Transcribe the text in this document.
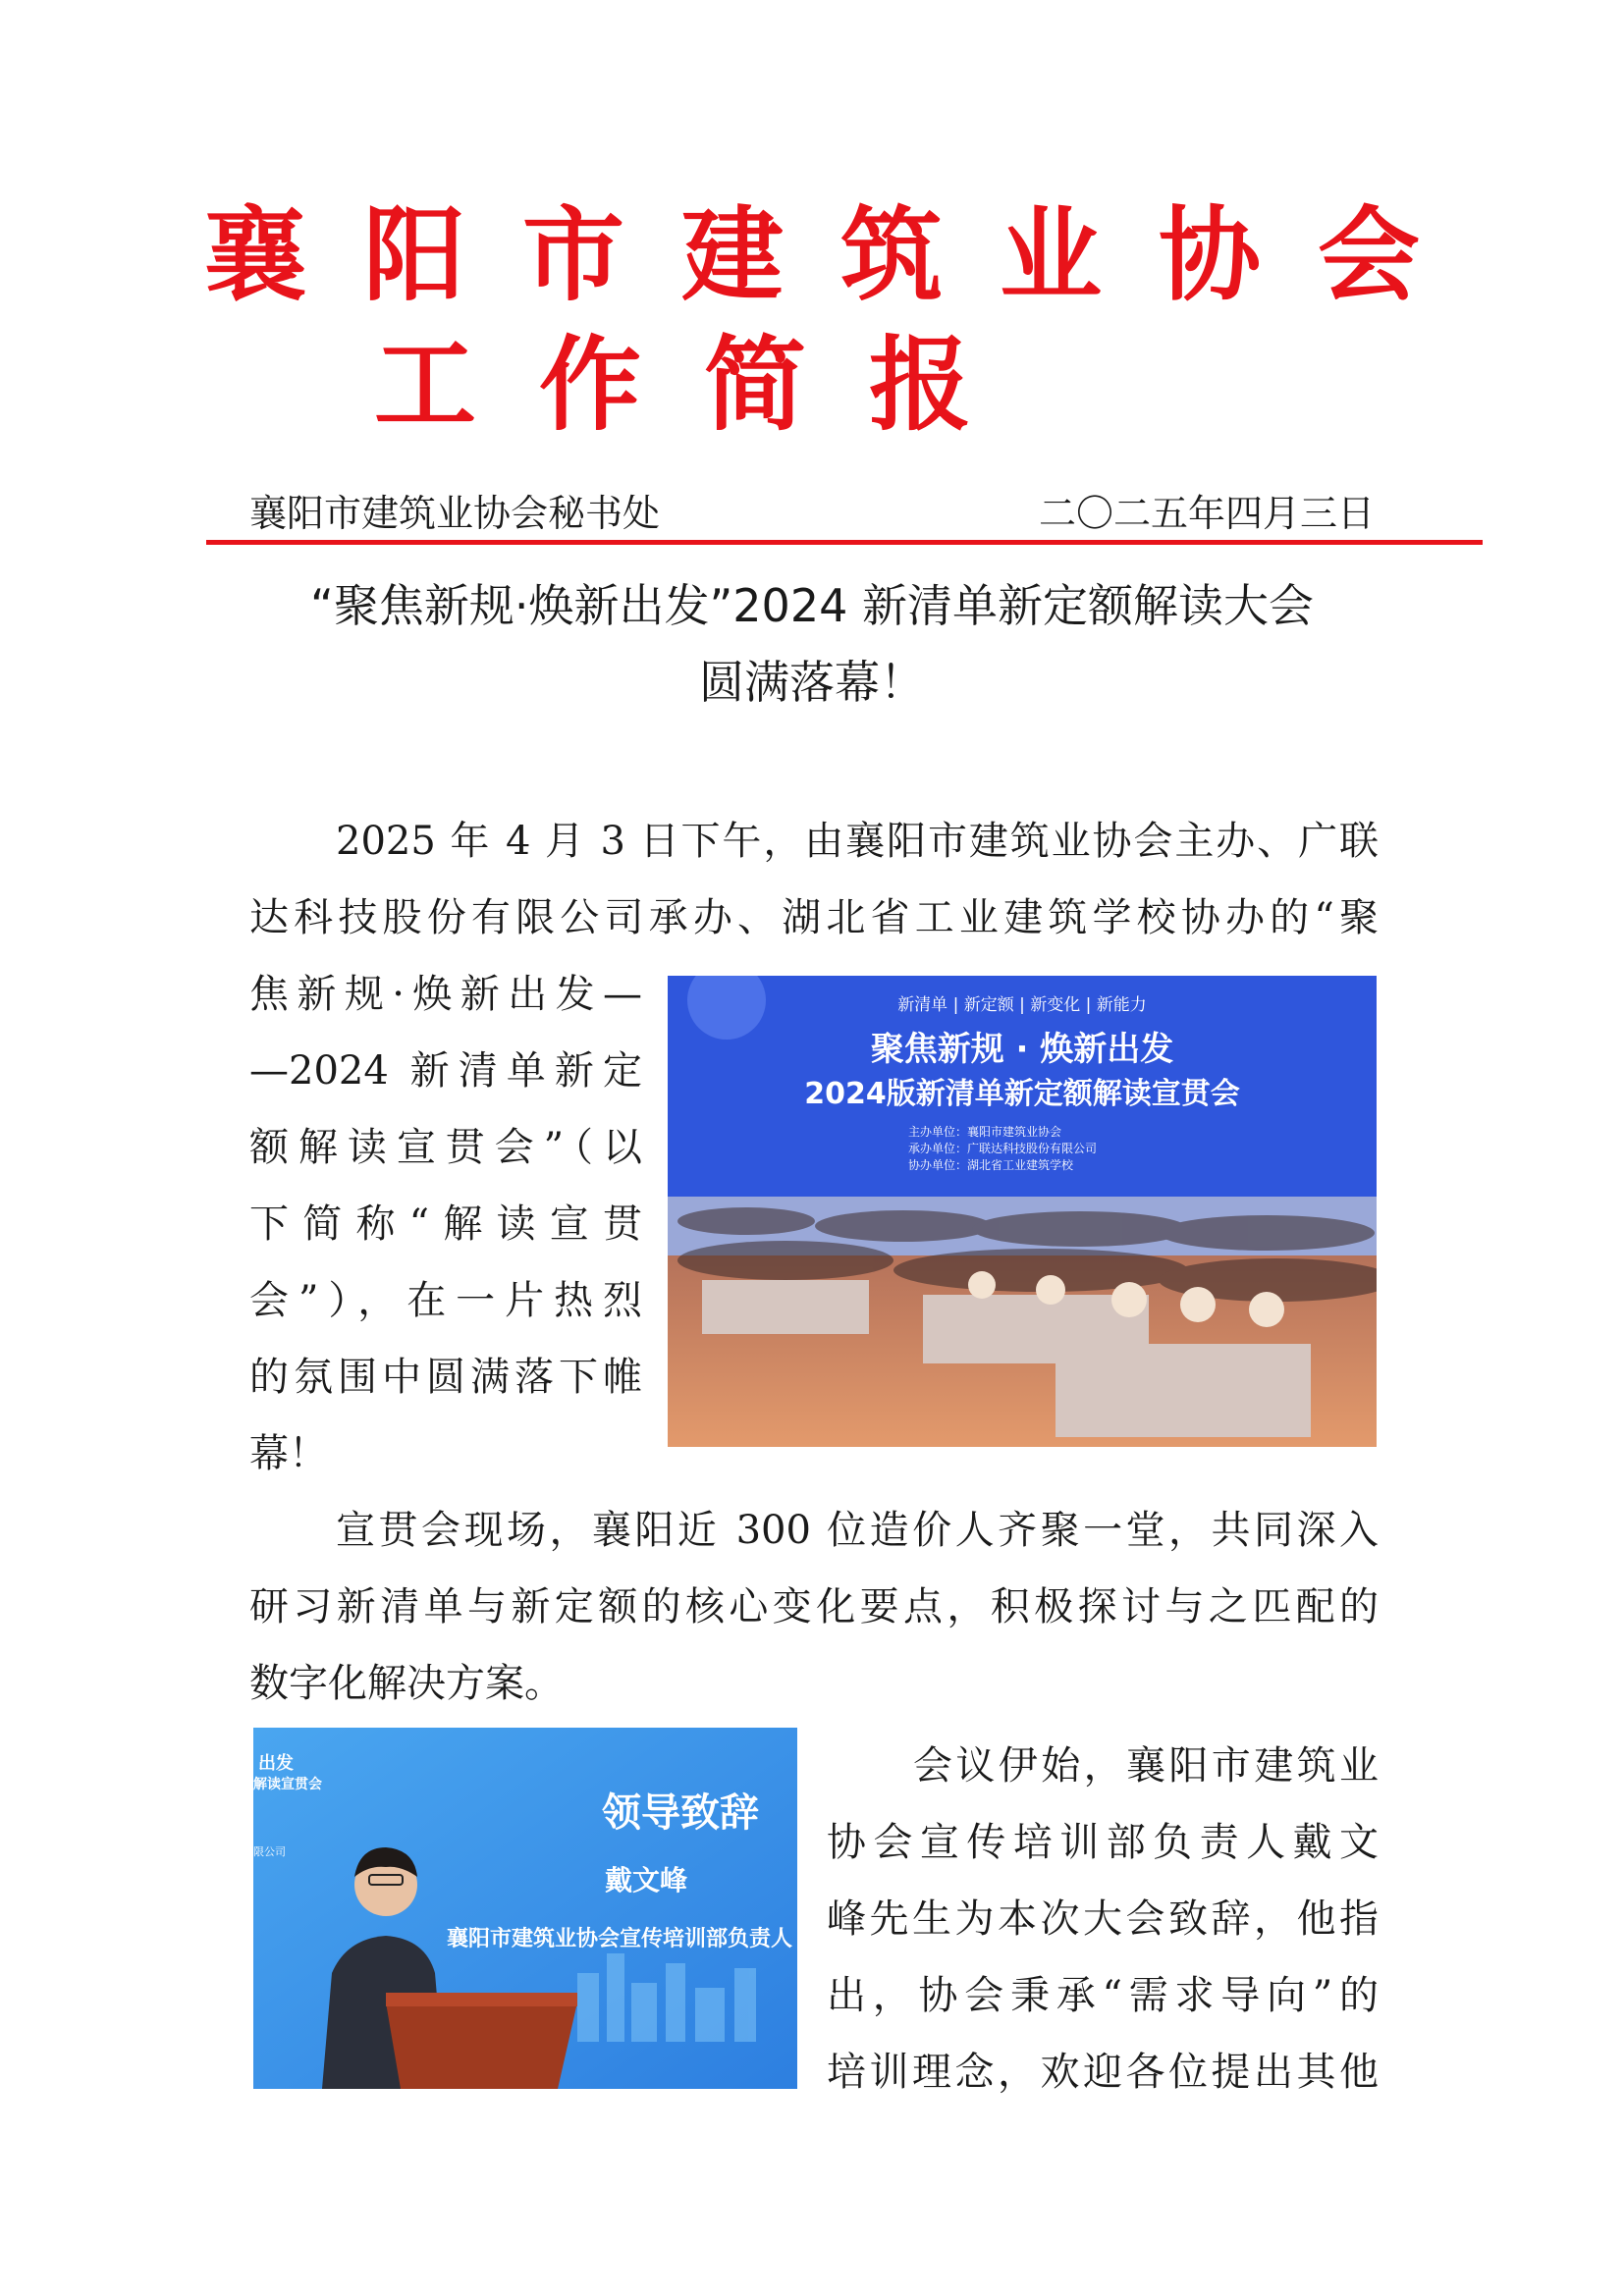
襄阳市建筑业协会
工作简报
襄阳市建筑业协会秘书处	二〇二五年四月三日
“聚焦新规·焕新出发”2024 新清单新定额解读大会
圆满落幕！

2025 年 4 月 3 日下午，由襄阳市建筑业协会主办、广联

达科技股份有限公司承办、湖北省工业建筑学校协办的“聚

焦新规·焕新出发—

—2024 新清单新定

额解读宣贯会”（以

下简称“解读宣贯

会”），在一片热烈

的氛围中圆满落下帷

幕！

新清单 | 新定额 | 新变化 | 新能力
聚焦新规 · 焕新出发
2024版新清单新定额解读宣贯会
主办单位：襄阳市建筑业协会
承办单位：广联达科技股份有限公司
协办单位：湖北省工业建筑学校

宣贯会现场，襄阳近 300 位造价人齐聚一堂，共同深入

研习新清单与新定额的核心变化要点，积极探讨与之匹配的

数字化解决方案。

出发
解读宣贯会
限公司
领导致辞
戴文峰
襄阳市建筑业协会宣传培训部负责人

会议伊始，襄阳市建筑业

协会宣传培训部负责人戴文

峰先生为本次大会致辞，他指

出，协会秉承“需求导向”的

培训理念，欢迎各位提出其他
